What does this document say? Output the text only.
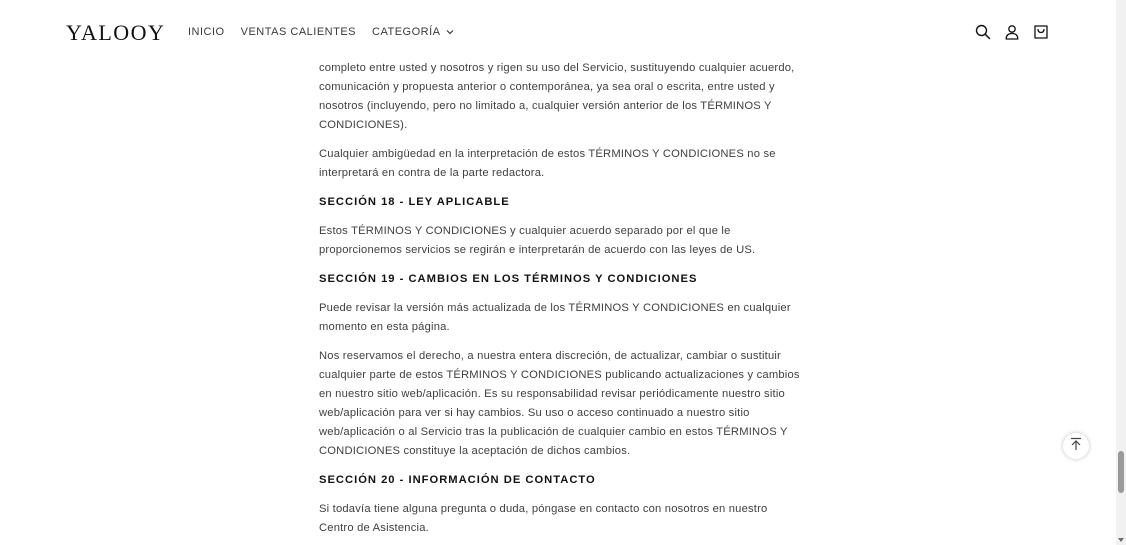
YALOOY INICIO VENTAS CALIENTES CATEGORÍA

completo entre usted y nosotros y rigen su uso del Servicio, sustituyendo cualquier acuerdo, comunicación y propuesta anterior o contemporánea, ya sea oral o escrita, entre usted y nosotros (incluyendo, pero no limitado a, cualquier versión anterior de los TÉRMINOS Y CONDICIONES).

Cualquier ambigüedad en la interpretación de estos TÉRMINOS Y CONDICIONES no se interpretará en contra de la parte redactora.

SECCIÓN 18 - LEY APLICABLE

Estos TÉRMINOS Y CONDICIONES y cualquier acuerdo separado por el que le proporcionemos servicios se regirán e interpretarán de acuerdo con las leyes de US.

SECCIÓN 19 - CAMBIOS EN LOS TÉRMINOS Y CONDICIONES

Puede revisar la versión más actualizada de los TÉRMINOS Y CONDICIONES en cualquier momento en esta página.

Nos reservamos el derecho, a nuestra entera discreción, de actualizar, cambiar o sustituir cualquier parte de estos TÉRMINOS Y CONDICIONES publicando actualizaciones y cambios en nuestro sitio web/aplicación. Es su responsabilidad revisar periódicamente nuestro sitio web/aplicación para ver si hay cambios. Su uso o acceso continuado a nuestro sitio web/aplicación o al Servicio tras la publicación de cualquier cambio en estos TÉRMINOS Y CONDICIONES constituye la aceptación de dichos cambios.

SECCIÓN 20 - INFORMACIÓN DE CONTACTO

Si todavía tiene alguna pregunta o duda, póngase en contacto con nosotros en nuestro Centro de Asistencia.
